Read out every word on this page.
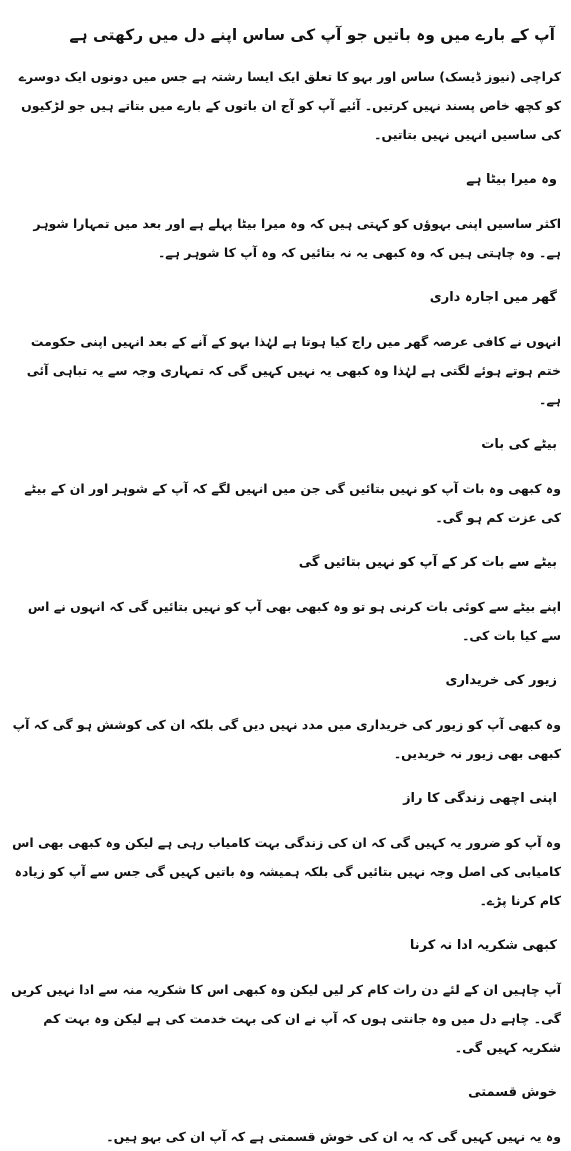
آپ کے بارے میں وہ باتیں جو آپ کی ساس اپنے دل میں رکھتی ہے
کراچی (نیوز ڈیسک) ساس اور بہو کا تعلق ایک ایسا رشتہ ہے جس میں دونوں ایک دوسرے کو کچھ خاص پسند نہیں کرتیں۔ آئیے آپ کو آج ان باتوں کے بارے میں بتاتے ہیں جو لڑکیوں کی ساسیں انہیں نہیں بتاتیں۔
وہ میرا بیٹا ہے
اکثر ساسیں اپنی بہوؤں کو کہتی ہیں کہ وہ میرا بیٹا پہلے ہے اور بعد میں تمہارا شوہر ہے۔ وہ چاہتی ہیں کہ وہ کبھی یہ نہ بتائیں کہ وہ آپ کا شوہر ہے۔
گھر میں اجارہ داری
انہوں نے کافی عرصہ گھر میں راج کیا ہوتا ہے لہٰذا بہو کے آنے کے بعد انہیں اپنی حکومت ختم ہوتے ہوئے لگتی ہے لہٰذا وہ کبھی یہ نہیں کہیں گی کہ تمہاری وجہ سے یہ تباہی آئی ہے۔
بیٹے کی بات
وہ کبھی وہ بات آپ کو نہیں بتائیں گی جن میں انہیں لگے کہ آپ کے شوہر اور ان کے بیٹے کی عزت کم ہو گی۔
بیٹے سے بات کر کے آپ کو نہیں بتائیں گی
اپنے بیٹے سے کوئی بات کرنی ہو تو وہ کبھی بھی آپ کو نہیں بتائیں گی کہ انہوں نے اس سے کیا بات کی۔
زیور کی خریداری
وہ کبھی آپ کو زیور کی خریداری میں مدد نہیں دیں گی بلکہ ان کی کوشش ہو گی کہ آپ کبھی بھی زیور نہ خریدیں۔
اپنی اچھی زندگی کا راز
وہ آپ کو ضرور یہ کہیں گی کہ ان کی زندگی بہت کامیاب رہی ہے لیکن وہ کبھی بھی اس کامیابی کی اصل وجہ نہیں بتائیں گی بلکہ ہمیشہ وہ باتیں کہیں گی جس سے آپ کو زیادہ کام کرنا پڑے۔
کبھی شکریہ ادا نہ کرنا
آپ چاہیں ان کے لئے دن رات کام کر لیں لیکن وہ کبھی اس کا شکریہ منہ سے ادا نہیں کریں گی۔ چاہے دل میں وہ جانتی ہوں کہ آپ نے ان کی بہت خدمت کی ہے لیکن وہ بہت کم شکریہ کہیں گی۔
خوش قسمتی
وہ یہ نہیں کہیں گی کہ یہ ان کی خوش قسمتی ہے کہ آپ ان کی بہو ہیں۔
